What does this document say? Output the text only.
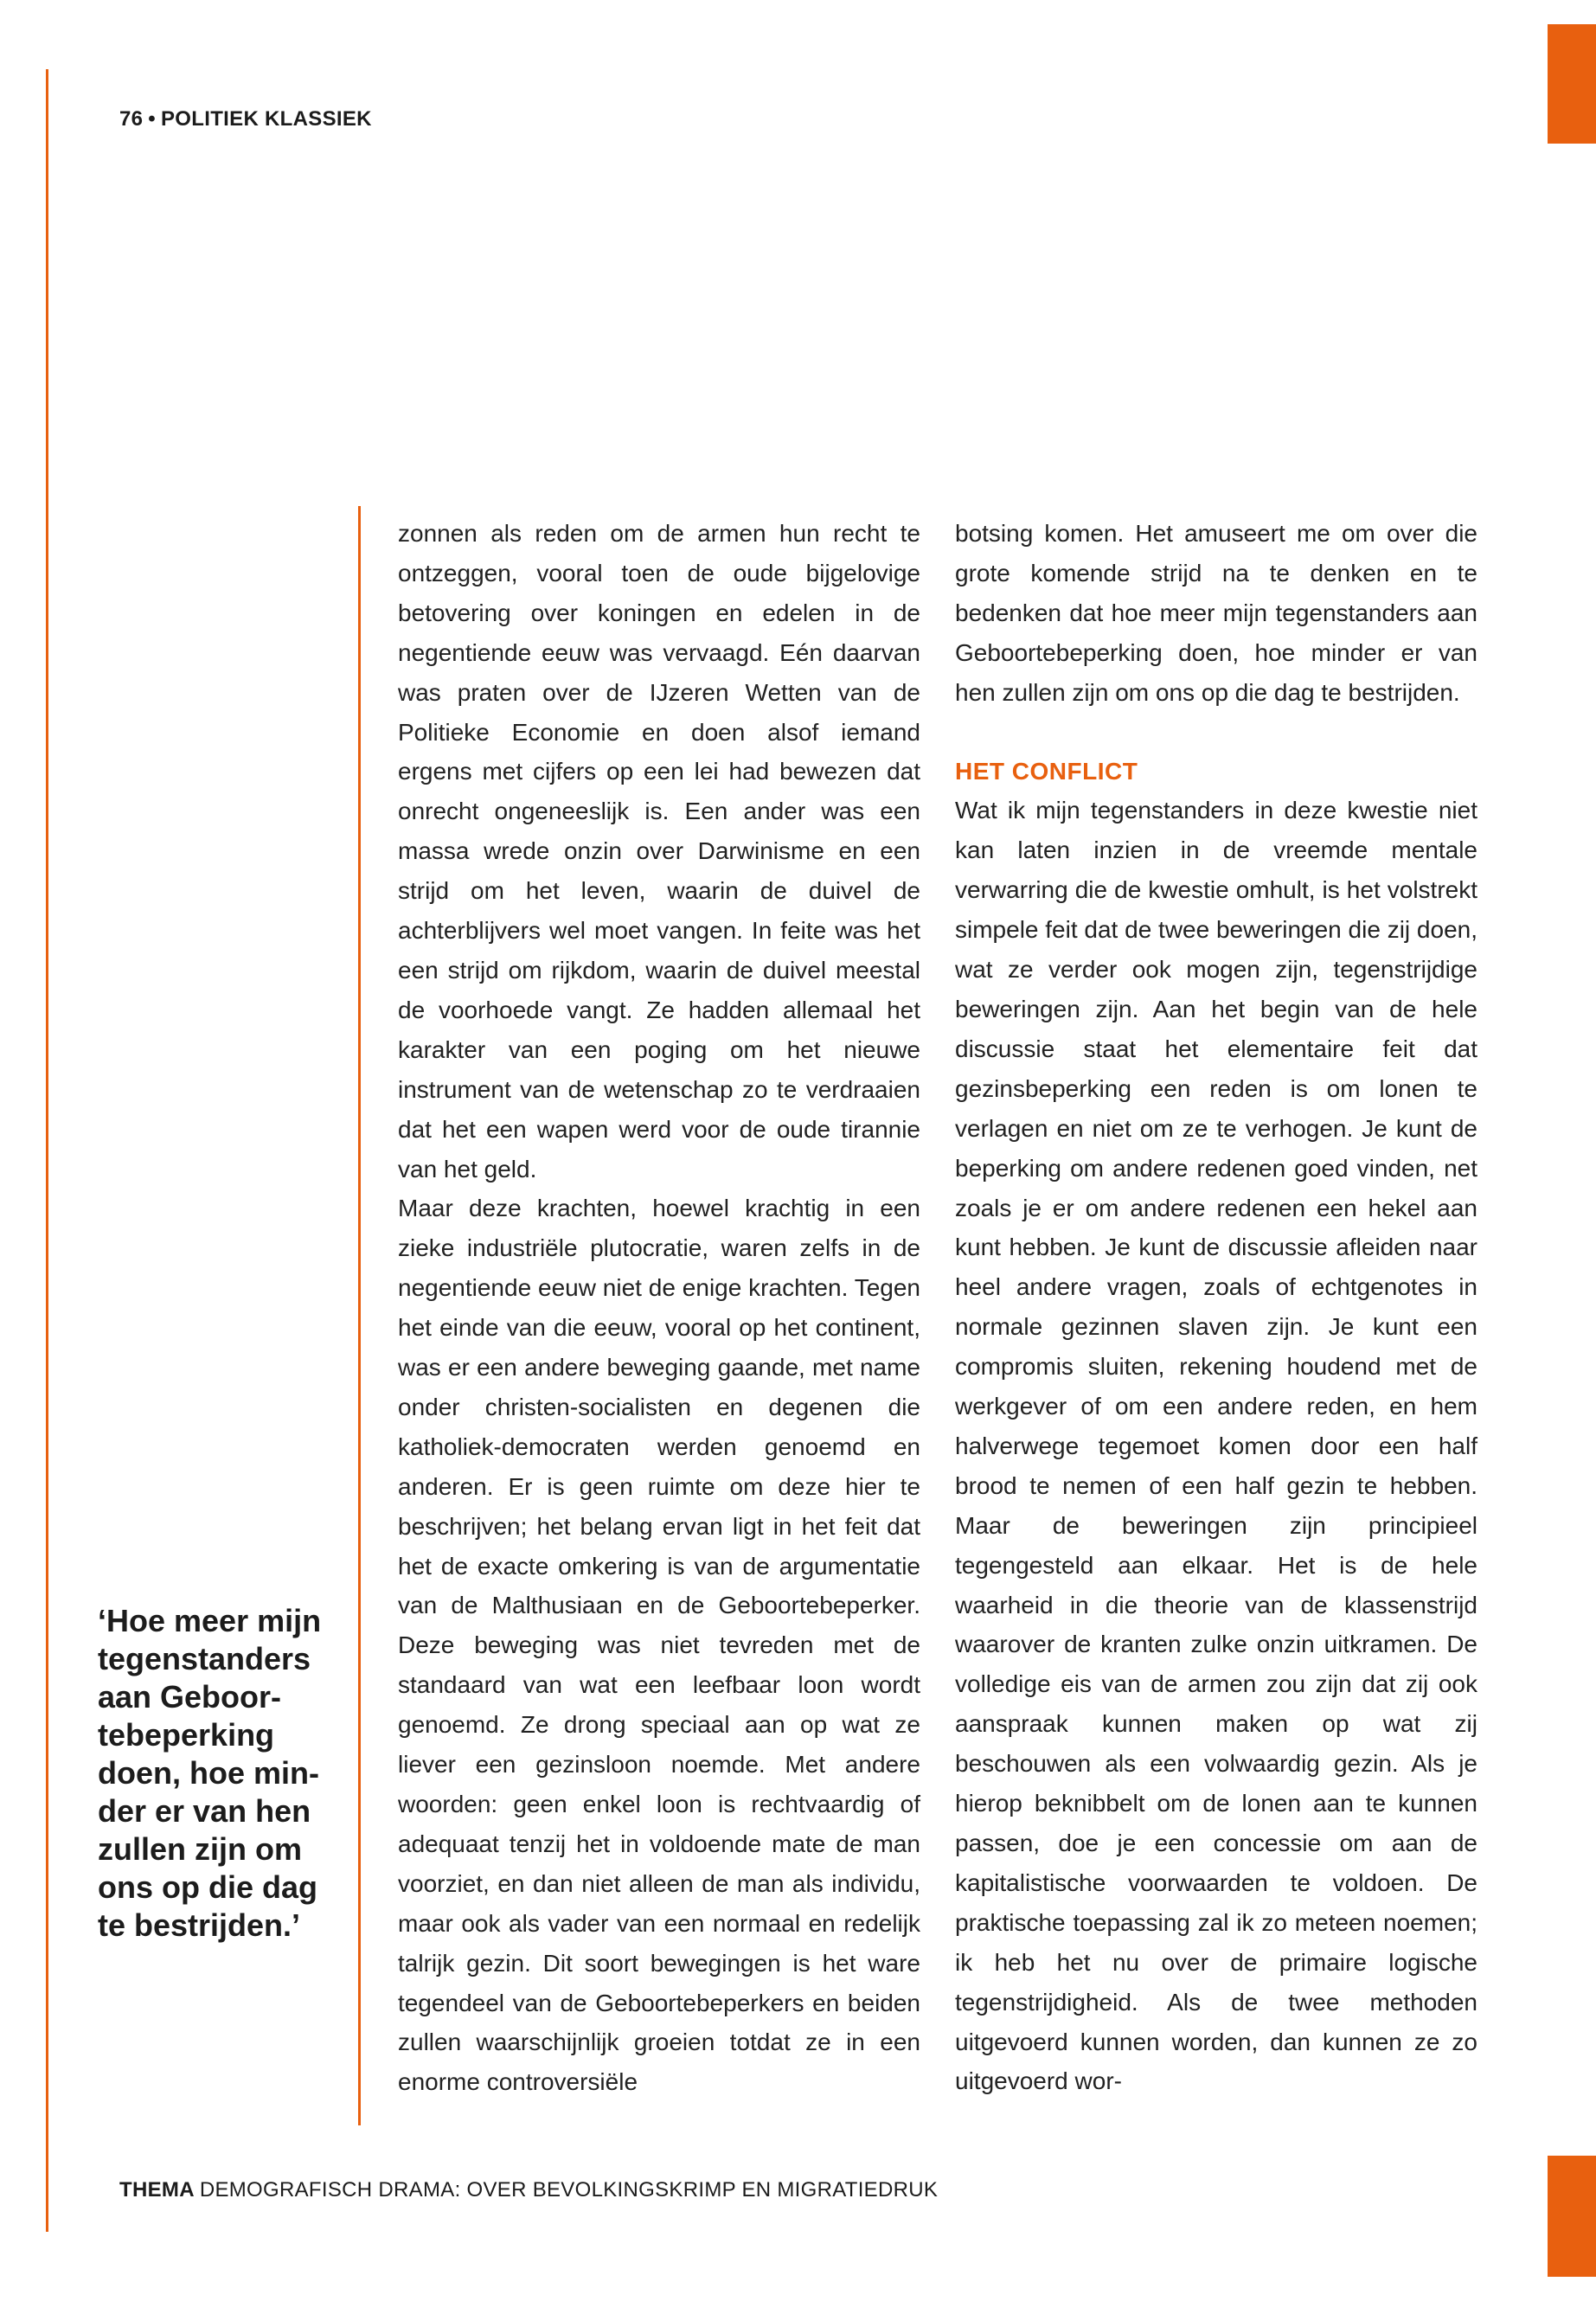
76 • POLITIEK KLASSIEK
‘Hoe meer mijn
tegenstanders
aan Geboor-
tebeperking
doen, hoe min-
der er van hen
zullen zijn om
ons op die dag
te bestrijden.’

zonnen als reden om de armen hun recht te ontzeggen, vooral toen de oude bijgelovige betovering over koningen en edelen in de negentiende eeuw was vervaagd. Eén daarvan was praten over de IJzeren Wetten van de Politieke Economie en doen alsof iemand ergens met cijfers op een lei had bewezen dat onrecht ongeneeslijk is. Een ander was een massa wrede onzin over Darwinisme en een strijd om het leven, waarin de duivel de achterblijvers wel moet vangen. In feite was het een strijd om rijkdom, waarin de duivel meestal de voorhoede vangt. Ze hadden allemaal het karakter van een poging om het nieuwe instrument van de wetenschap zo te verdraaien dat het een wapen werd voor de oude tirannie van het geld.

Maar deze krachten, hoewel krachtig in een zieke industriële plutocratie, waren zelfs in de negentiende eeuw niet de enige krachten. Tegen het einde van die eeuw, vooral op het continent, was er een andere beweging gaande, met name onder christen-socialisten en degenen die katholiek-democraten werden genoemd en anderen. Er is geen ruimte om deze hier te beschrijven; het belang ervan ligt in het feit dat het de exacte omkering is van de argumentatie van de Malthusiaan en de Geboortebeperker. Deze beweging was niet tevreden met de standaard van wat een leefbaar loon wordt genoemd. Ze drong speciaal aan op wat ze liever een gezinsloon noemde. Met andere woorden: geen enkel loon is rechtvaardig of adequaat tenzij het in voldoende mate de man voorziet, en dan niet alleen de man als individu, maar ook als vader van een normaal en redelijk talrijk gezin. Dit soort bewegingen is het ware tegendeel van de Geboortebeperkers en beiden zullen waarschijnlijk groeien totdat ze in een enorme controversiële

botsing komen. Het amuseert me om over die grote komende strijd na te denken en te bedenken dat hoe meer mijn tegenstanders aan Geboortebeperking doen, hoe minder er van hen zullen zijn om ons op die dag te bestrijden.

HET CONFLICT

Wat ik mijn tegenstanders in deze kwestie niet kan laten inzien in de vreemde mentale verwarring die de kwestie omhult, is het volstrekt simpele feit dat de twee beweringen die zij doen, wat ze verder ook mogen zijn, tegenstrijdige beweringen zijn. Aan het begin van de hele discussie staat het elementaire feit dat gezinsbeperking een reden is om lonen te verlagen en niet om ze te verhogen. Je kunt de beperking om andere redenen goed vinden, net zoals je er om andere redenen een hekel aan kunt hebben. Je kunt de discussie afleiden naar heel andere vragen, zoals of echtgenotes in normale gezinnen slaven zijn. Je kunt een compromis sluiten, rekening houdend met de werkgever of om een andere reden, en hem halverwege tegemoet komen door een half brood te nemen of een half gezin te hebben. Maar de beweringen zijn principieel tegengesteld aan elkaar. Het is de hele waarheid in die theorie van de klassenstrijd waarover de kranten zulke onzin uitkramen. De volledige eis van de armen zou zijn dat zij ook aanspraak kunnen maken op wat zij beschouwen als een volwaardig gezin. Als je hierop beknibbelt om de lonen aan te kunnen passen, doe je een concessie om aan de kapitalistische voorwaarden te voldoen. De praktische toepassing zal ik zo meteen noemen; ik heb het nu over de primaire logische tegenstrijdigheid. Als de twee methoden uitgevoerd kunnen worden, dan kunnen ze zo uitgevoerd wor-

THEMA DEMOGRAFISCH DRAMA: OVER BEVOLKINGSKRIMP EN MIGRATIEDRUK
